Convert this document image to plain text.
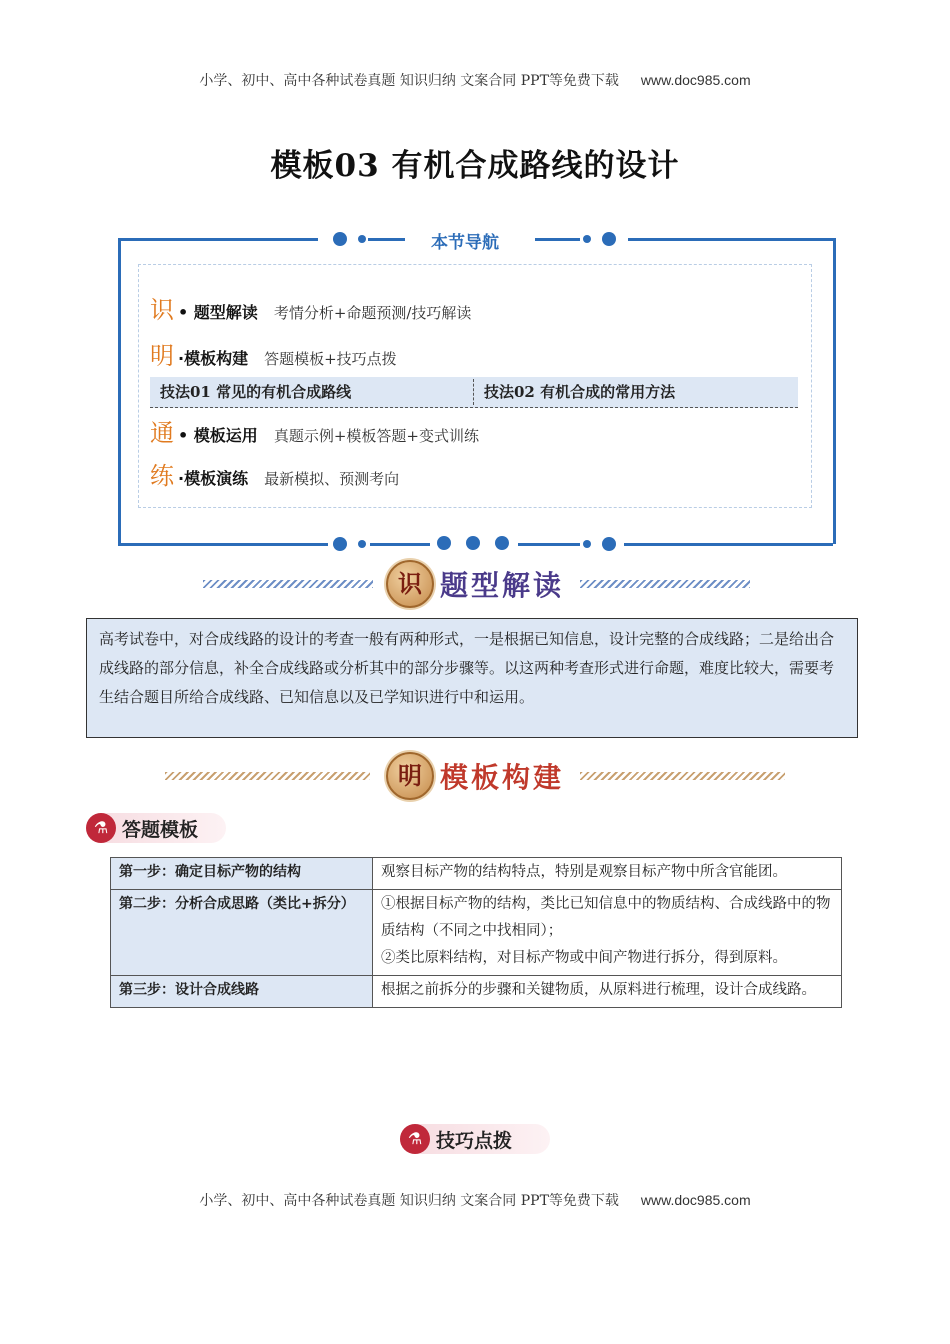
小学、初中、高中各种试卷真题 知识归纳 文案合同 PPT等免费下载 www.doc985.com
模板03 有机合成路线的设计
本节导航
识 • 题型解读 考情分析+命题预测/技巧解读
明 ·模板构建 答题模板+技巧点拨
技法01 常见的有机合成路线	技法02 有机合成的常用方法
通 • 模板运用 真题示例+模板答题+变式训练
练 ·模板演练 最新模拟、预测考向
识 题型解读
高考试卷中，对合成线路的设计的考查一般有两种形式，一是根据已知信息，设计完整的合成线路；二是给出合成线路的部分信息，补全合成线路或分析其中的部分步骤等。以这两种考查形式进行命题，难度比较大，需要考生结合题目所给合成线路、已知信息以及已学知识进行中和运用。
明 模板构建
⚗ 答题模板
第一步：确定目标产物的结构	观察目标产物的结构特点，特别是观察目标产物中所含官能团。
第二步：分析合成思路（类比+拆分）	①根据目标产物的结构，类比已知信息中的物质结构、合成线路中的物质结构（不同之中找相同）；
②类比原料结构，对目标产物或中间产物进行拆分，得到原料。

第三步：设计合成线路	根据之前拆分的步骤和关键物质，从原料进行梳理，设计合成线路。
⚗ 技巧点拨
小学、初中、高中各种试卷真题 知识归纳 文案合同 PPT等免费下载 www.doc985.com
